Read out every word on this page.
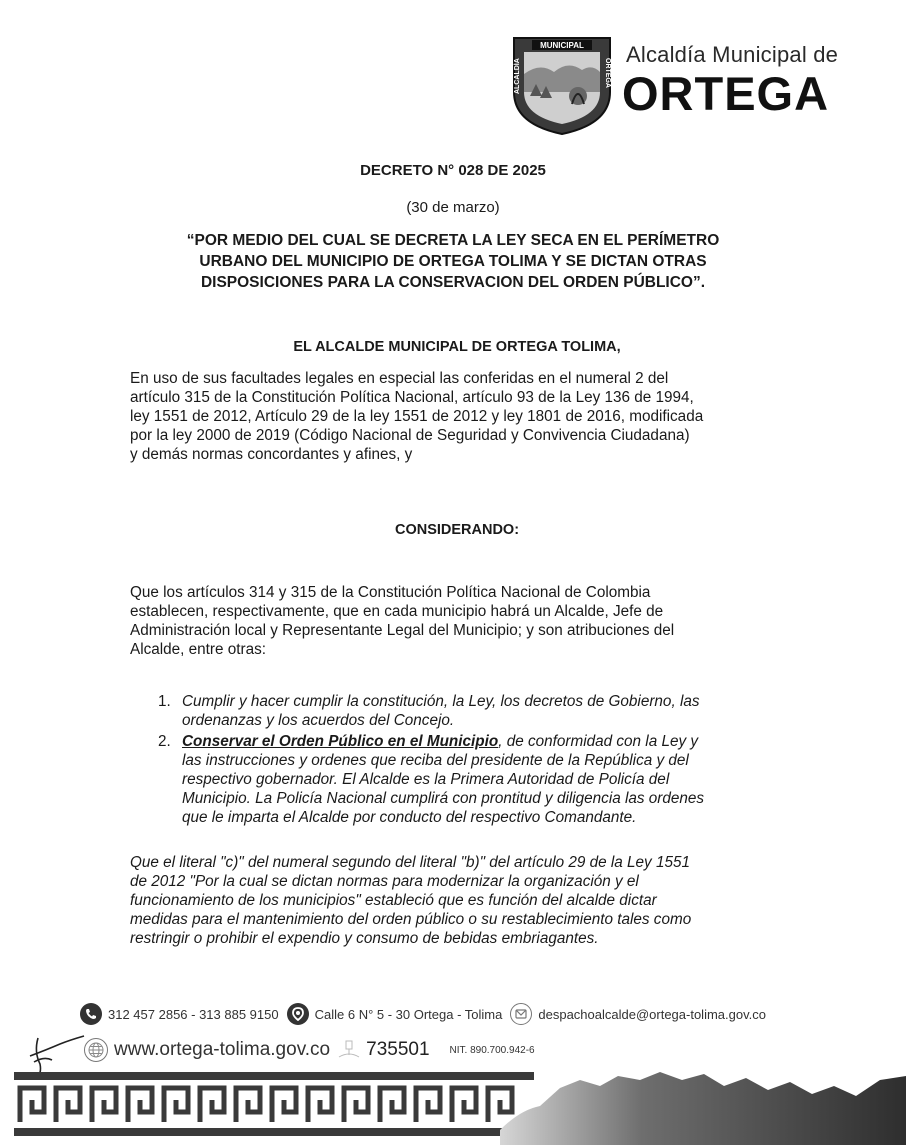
MUNICIPAL
ALCALDÍA	ORTEGA
Alcaldía Municipal de
ORTEGA
DECRETO N° 028 DE 2025
(30 de marzo)
“POR MEDIO DEL CUAL SE DECRETA LA LEY SECA EN EL PERÍMETRO
URBANO DEL MUNICIPIO DE ORTEGA TOLIMA Y SE DICTAN OTRAS
DISPOSICIONES PARA LA CONSERVACION DEL ORDEN PÚBLICO”.
EL ALCALDE MUNICIPAL DE ORTEGA TOLIMA,
En uso de sus facultades legales en especial las conferidas en el numeral 2 del
artículo 315 de la Constitución Política Nacional, artículo 93 de la Ley 136 de 1994,
ley 1551 de 2012, Artículo 29 de la ley 1551 de 2012 y ley 1801 de 2016, modificada
por la ley 2000 de 2019 (Código Nacional de Seguridad y Convivencia Ciudadana)
y demás normas concordantes y afines, y
CONSIDERANDO:
Que los artículos 314 y 315 de la Constitución Política Nacional de Colombia
establecen, respectivamente, que en cada municipio habrá un Alcalde, Jefe de
Administración local y Representante Legal del Municipio; y son atribuciones del
Alcalde, entre otras:
1. Cumplir y hacer cumplir la constitución, la Ley, los decretos de Gobierno, las
ordenanzas y los acuerdos del Concejo.
2. Conservar el Orden Público en el Municipio, de conformidad con la Ley y
las instrucciones y ordenes que reciba del presidente de la República y del
respectivo gobernador. El Alcalde es la Primera Autoridad de Policía del
Municipio. La Policía Nacional cumplirá con prontitud y diligencia las ordenes
que le imparta el Alcalde por conducto del respectivo Comandante.
Que el literal "c)" del numeral segundo del literal "b)" del artículo 29 de la Ley 1551
de 2012 "Por la cual se dictan normas para modernizar la organización y el
funcionamiento de los municipios" estableció que es función del alcalde dictar
medidas para el mantenimiento del orden público o su restablecimiento tales como
restringir o prohibir el expendio y consumo de bebidas embriagantes.
312 457 2856 - 313 885 9150	Calle 6 N° 5 - 30 Ortega - Tolima	despachoalcalde@ortega-tolima.gov.co
www.ortega-tolima.gov.co 735501 NIT. 890.700.942-6
